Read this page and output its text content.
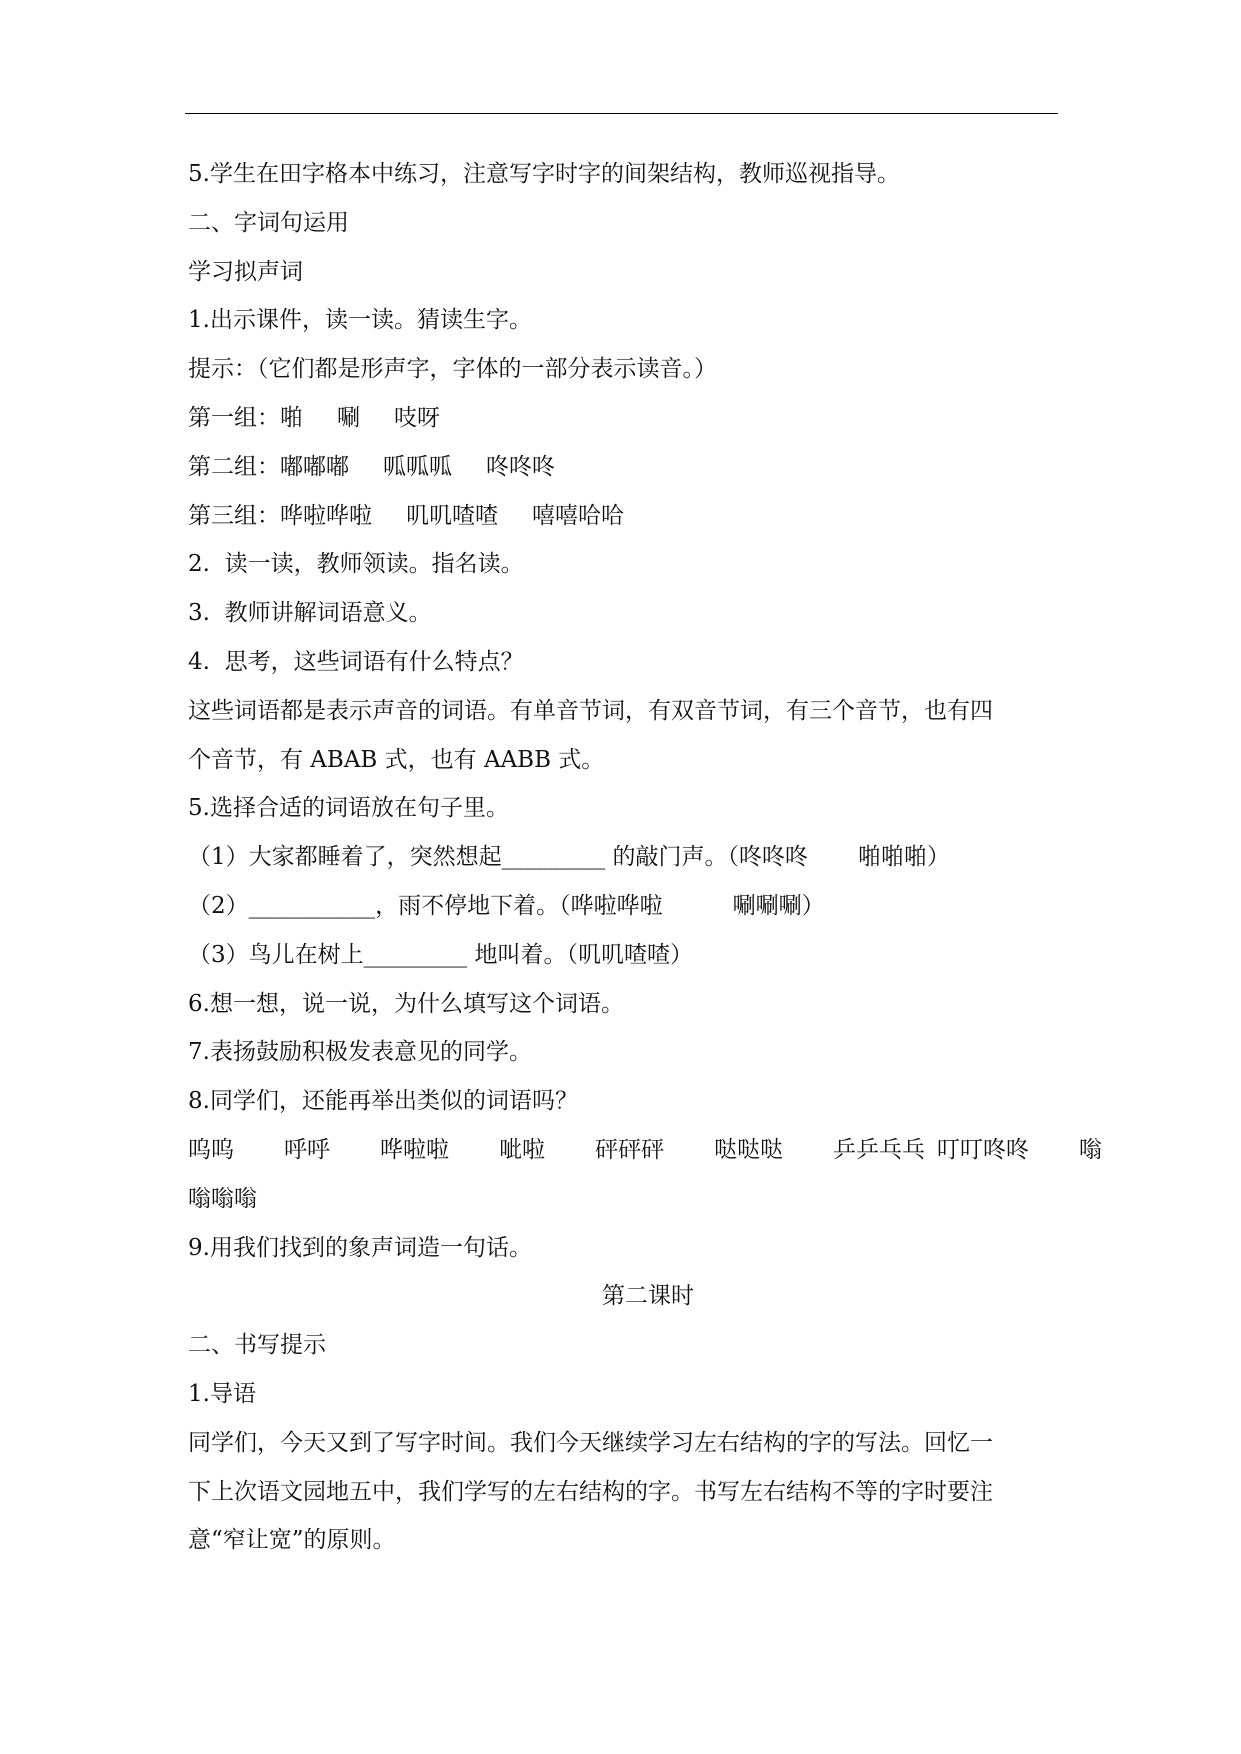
5.学生在田字格本中练习，注意写字时字的间架结构，教师巡视指导。
二、字词句运用
学习拟声词
1.出示课件，读一读。猜读生字。
提示：（它们都是形声字，字体的一部分表示读音。）
第一组：啪 唰 吱呀
第二组：嘟嘟嘟 呱呱呱 咚咚咚
第三组：哗啦哗啦 叽叽喳喳 嘻嘻哈哈
2.  读一读，教师领读。指名读。
3.  教师讲解词语意义。
4.  思考，这些词语有什么特点？
这些词语都是表示声音的词语。有单音节词，有双音节词，有三个音节，也有四
个音节，有 ABAB 式，也有 AABB 式。
5.选择合适的词语放在句子里。
（1）大家都睡着了，突然想起_________ 的敲门声。（咚咚咚 啪啪啪）
（2）___________，雨不停地下着。（哗啦哗啦	唰唰唰）
（3）鸟儿在树上_________ 地叫着。（叽叽喳喳）
6.想一想，说一说，为什么填写这个词语。
7.表扬鼓励积极发表意见的同学。
8.同学们，还能再举出类似的词语吗？
呜呜 呼呼 哗啦啦 呲啦 砰砰砰 哒哒哒 乒乒乓乓 叮叮咚咚 嗡
嗡嗡嗡
9.用我们找到的象声词造一句话。
第二课时
二、书写提示
1.导语
同学们，今天又到了写字时间。我们今天继续学习左右结构的字的写法。回忆一
下上次语文园地五中，我们学写的左右结构的字。书写左右结构不等的字时要注
意“窄让宽”的原则。
